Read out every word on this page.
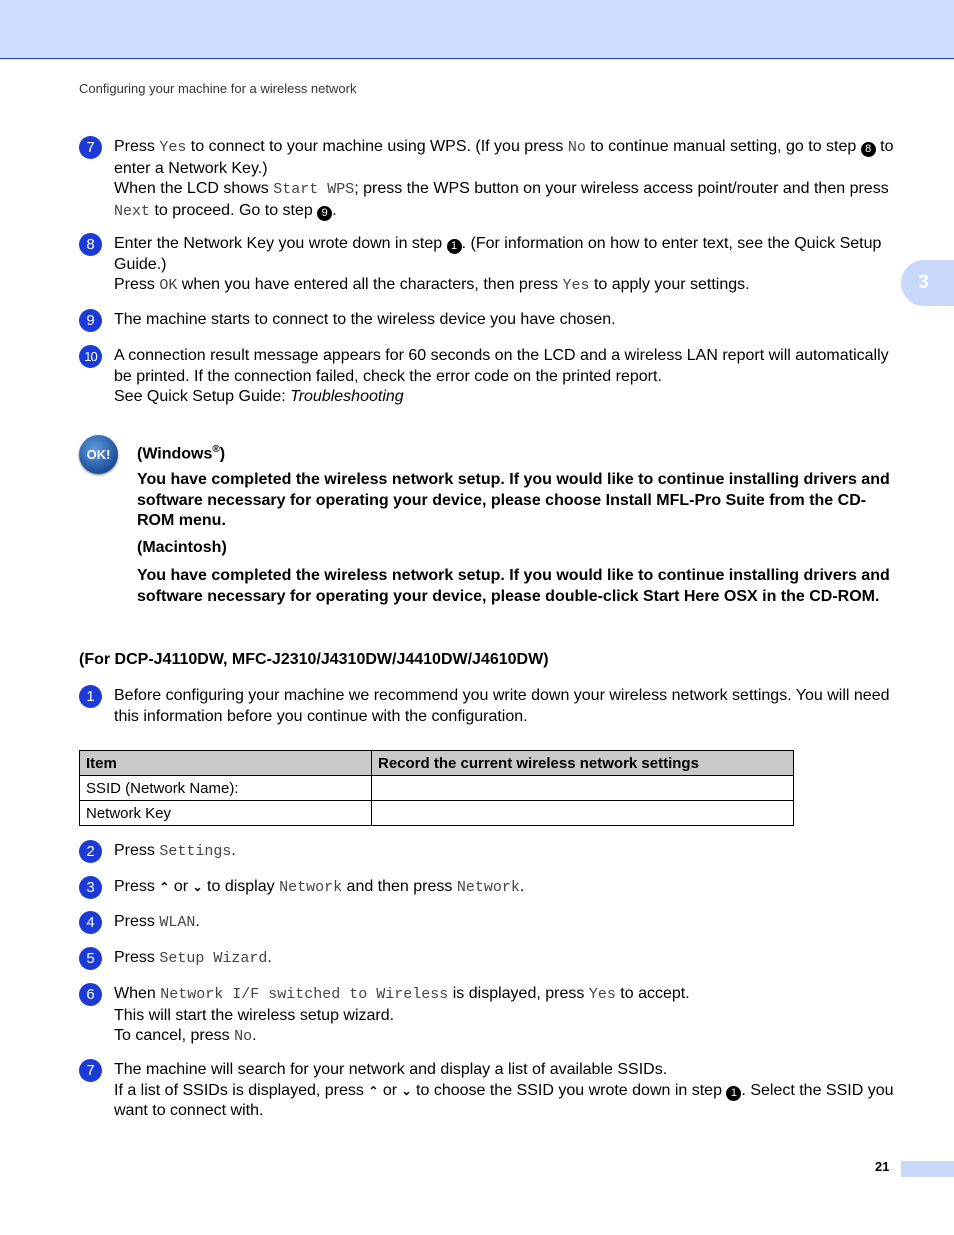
Configuring your machine for a wireless network
3
7	Press Yes to connect to your machine using WPS. (If you press No to continue manual setting, go to step 8 to enter a Network Key.)
When the LCD shows Start WPS; press the WPS button on your wireless access point/router and then press Next to proceed. Go to step 9 .
8	Enter the Network Key you wrote down in step 1 . (For information on how to enter text, see the Quick Setup Guide.)
Press OK when you have entered all the characters, then press Yes to apply your settings.
9	The machine starts to connect to the wireless device you have chosen.
10	A connection result message appears for 60 seconds on the LCD and a wireless LAN report will automatically be printed. If the connection failed, check the error code on the printed report.
See Quick Setup Guide: Troubleshooting
OK!	(Windows®)
You have completed the wireless network setup. If you would like to continue installing drivers and software necessary for operating your device, please choose Install MFL-Pro Suite from the CD-ROM menu.
(Macintosh)
You have completed the wireless network setup. If you would like to continue installing drivers and software necessary for operating your device, please double-click Start Here OSX in the CD-ROM.
(For DCP-J4110DW, MFC-J2310/J4310DW/J4410DW/J4610DW)
1	Before configuring your machine we recommend you write down your wireless network settings. You will need this information before you continue with the configuration.
Item	Record the current wireless network settings
SSID (Network Name):	
Network Key	
2	Press Settings.
3	Press ⌃ or ⌄ to display Network and then press Network.
4	Press WLAN.
5	Press Setup Wizard.
6	When Network I/F switched to Wireless is displayed, press Yes to accept.
This will start the wireless setup wizard.
To cancel, press No.
7	The machine will search for your network and display a list of available SSIDs.
If a list of SSIDs is displayed, press ⌃ or ⌄ to choose the SSID you wrote down in step 1 . Select the SSID you want to connect with.
21
